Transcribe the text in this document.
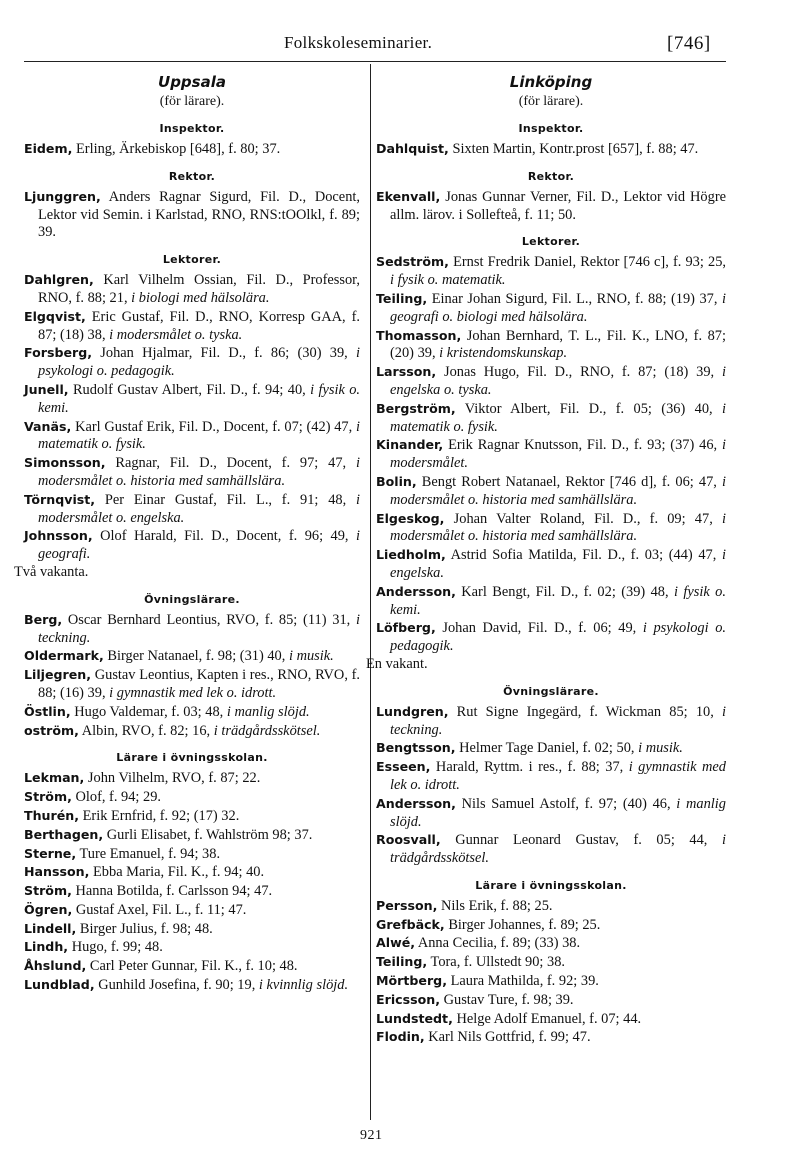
Folkskoleseminarier.	[746]
Uppsala
(för lärare).
Inspektor.

Eidem, Erling, Ärkebiskop [648], f. 80; 37.

Rektor.

Ljunggren, Anders Ragnar Sigurd, Fil. D., Docent, Lektor vid Semin. i Karlstad, RNO, RNS:tOOlkl, f. 89; 39.

Lektorer.

Dahlgren, Karl Vilhelm Ossian, Fil. D., Professor, RNO, f. 88; 21, i biologi med hälsolära.

Elgqvist, Eric Gustaf, Fil. D., RNO, Korresp GAA, f. 87; (18) 38, i modersmålet o. tyska.

Forsberg, Johan Hjalmar, Fil. D., f. 86; (30) 39, i psykologi o. pedagogik.

Junell, Rudolf Gustav Albert, Fil. D., f. 94; 40, i fysik o. kemi.

Vanäs, Karl Gustaf Erik, Fil. D., Docent, f. 07; (42) 47, i matematik o. fysik.

Simonsson, Ragnar, Fil. D., Docent, f. 97; 47, i modersmålet o. historia med samhällslära.

Törnqvist, Per Einar Gustaf, Fil. L., f. 91; 48, i modersmålet o. engelska.

Johnsson, Olof Harald, Fil. D., Docent, f. 96; 49, i geografi.

Två vakanta.

Övningslärare.

Berg, Oscar Bernhard Leontius, RVO, f. 85; (11) 31, i teckning.

Oldermark, Birger Natanael, f. 98; (31) 40, i musik.

Liljegren, Gustav Leontius, Kapten i res., RNO, RVO, f. 88; (16) 39, i gymnastik med lek o. idrott.

Östlin, Hugo Valdemar, f. 03; 48, i manlig slöjd.

oström, Albin, RVO, f. 82; 16, i trädgårdsskötsel.

Lärare i övningsskolan.

Lekman, John Vilhelm, RVO, f. 87; 22.

Ström, Olof, f. 94; 29.

Thurén, Erik Ernfrid, f. 92; (17) 32.

Berthagen, Gurli Elisabet, f. Wahlström 98; 37.

Sterne, Ture Emanuel, f. 94; 38.

Hansson, Ebba Maria, Fil. K., f. 94; 40.

Ström, Hanna Botilda, f. Carlsson 94; 47.

Ögren, Gustaf Axel, Fil. L., f. 11; 47.

Lindell, Birger Julius, f. 98; 48.

Lindh, Hugo, f. 99; 48.

Åhslund, Carl Peter Gunnar, Fil. K., f. 10; 48.

Lundblad, Gunhild Josefina, f. 90; 19, i kvinnlig slöjd.

Linköping
(för lärare).
Inspektor.

Dahlquist, Sixten Martin, Kontr.prost [657], f. 88; 47.

Rektor.

Ekenvall, Jonas Gunnar Verner, Fil. D., Lektor vid Högre allm. lärov. i Sollefteå, f. 11; 50.

Lektorer.

Sedström, Ernst Fredrik Daniel, Rektor [746 c], f. 93; 25, i fysik o. matematik.

Teiling, Einar Johan Sigurd, Fil. L., RNO, f. 88; (19) 37, i geografi o. biologi med hälsolära.

Thomasson, Johan Bernhard, T. L., Fil. K., LNO, f. 87; (20) 39, i kristendomskunskap.

Larsson, Jonas Hugo, Fil. D., RNO, f. 87; (18) 39, i engelska o. tyska.

Bergström, Viktor Albert, Fil. D., f. 05; (36) 40, i matematik o. fysik.

Kinander, Erik Ragnar Knutsson, Fil. D., f. 93; (37) 46, i modersmålet.

Bolin, Bengt Robert Natanael, Rektor [746 d], f. 06; 47, i modersmålet o. historia med samhällslära.

Elgeskog, Johan Valter Roland, Fil. D., f. 09; 47, i modersmålet o. historia med samhällslära.

Liedholm, Astrid Sofia Matilda, Fil. D., f. 03; (44) 47, i engelska.

Andersson, Karl Bengt, Fil. D., f. 02; (39) 48, i fysik o. kemi.

Löfberg, Johan David, Fil. D., f. 06; 49, i psykologi o. pedagogik.

En vakant.

Övningslärare.

Lundgren, Rut Signe Ingegärd, f. Wickman 85; 10, i teckning.

Bengtsson, Helmer Tage Daniel, f. 02; 50, i musik.

Esseen, Harald, Ryttm. i res., f. 88; 37, i gymnastik med lek o. idrott.

Andersson, Nils Samuel Astolf, f. 97; (40) 46, i manlig slöjd.

Roosvall, Gunnar Leonard Gustav, f. 05; 44, i trädgårdsskötsel.

Lärare i övningsskolan.

Persson, Nils Erik, f. 88; 25.

Grefbäck, Birger Johannes, f. 89; 25.

Alwé, Anna Cecilia, f. 89; (33) 38.

Teiling, Tora, f. Ullstedt 90; 38.

Mörtberg, Laura Mathilda, f. 92; 39.

Ericsson, Gustav Ture, f. 98; 39.

Lundstedt, Helge Adolf Emanuel, f. 07; 44.

Flodin, Karl Nils Gottfrid, f. 99; 47.

921
